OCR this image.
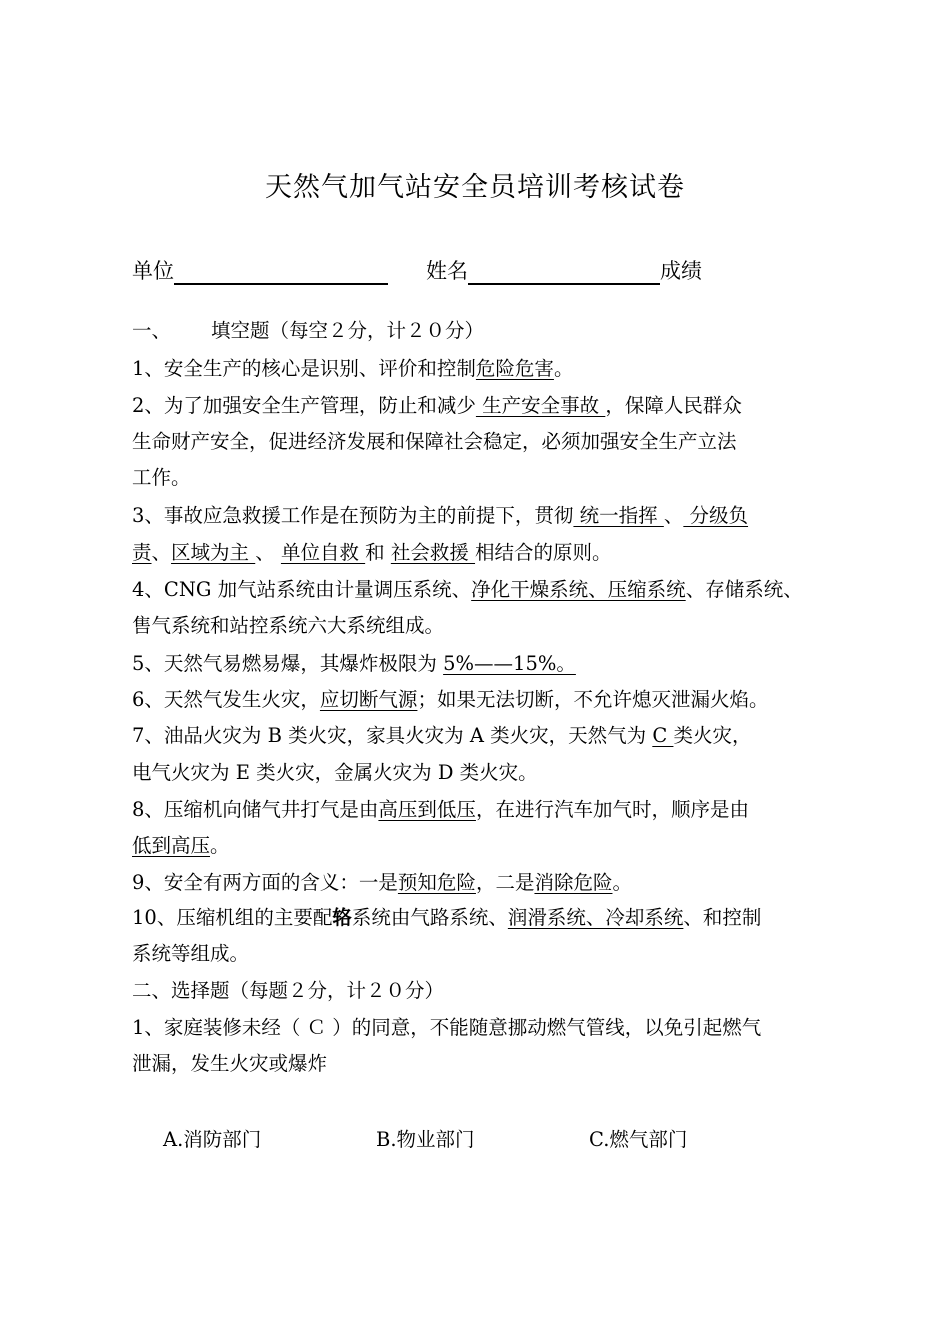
天然气加气站安全员培训考核试卷
单位	姓名	成绩
一、 填空题（每空２分，计２０分）
1、安全生产的核心是识别、评价和控制危险危害。
2、为了加强安全生产管理，防止和减少 生产安全事故 ，保障人民群众
生命财产安全，促进经济发展和保障社会稳定，必须加强安全生产立法
工作。
3、事故应急救援工作是在预防为主的前提下，贯彻 统一指挥 、 分级负
责、区域为主 、 单位自救 和 社会救援 相结合的原则。
4、CNG 加气站系统由计量调压系统、净化干燥系统、压缩系统、存储系统、
售气系统和站控系统六大系统组成。
5、天然气易燃易爆，其爆炸极限为 5%——15%。
6、天然气发生火灾，应切断气源；如果无法切断，不允许熄灭泄漏火焰。
7、油品火灾为 B 类火灾，家具火灾为 A 类火灾，天然气为 C 类火灾，
电气火灾为 E 类火灾，金属火灾为 D 类火灾。
8、压缩机向储气井打气是由高压到低压，在进行汽车加气时，顺序是由
低到高压。
9、安全有两方面的含义：一是预知危险，二是消除危险。
10、压缩机组的主要配辂系统由气路系统、润滑系统、冷却系统、和控制
系统等组成。
二、选择题（每题２分，计２０分）
1、家庭装修未经（ Ｃ ）的同意，不能随意挪动燃气管线，以免引起燃气
泄漏，发生火灾或爆炸
A.消防部门	B.物业部门	C.燃气部门
